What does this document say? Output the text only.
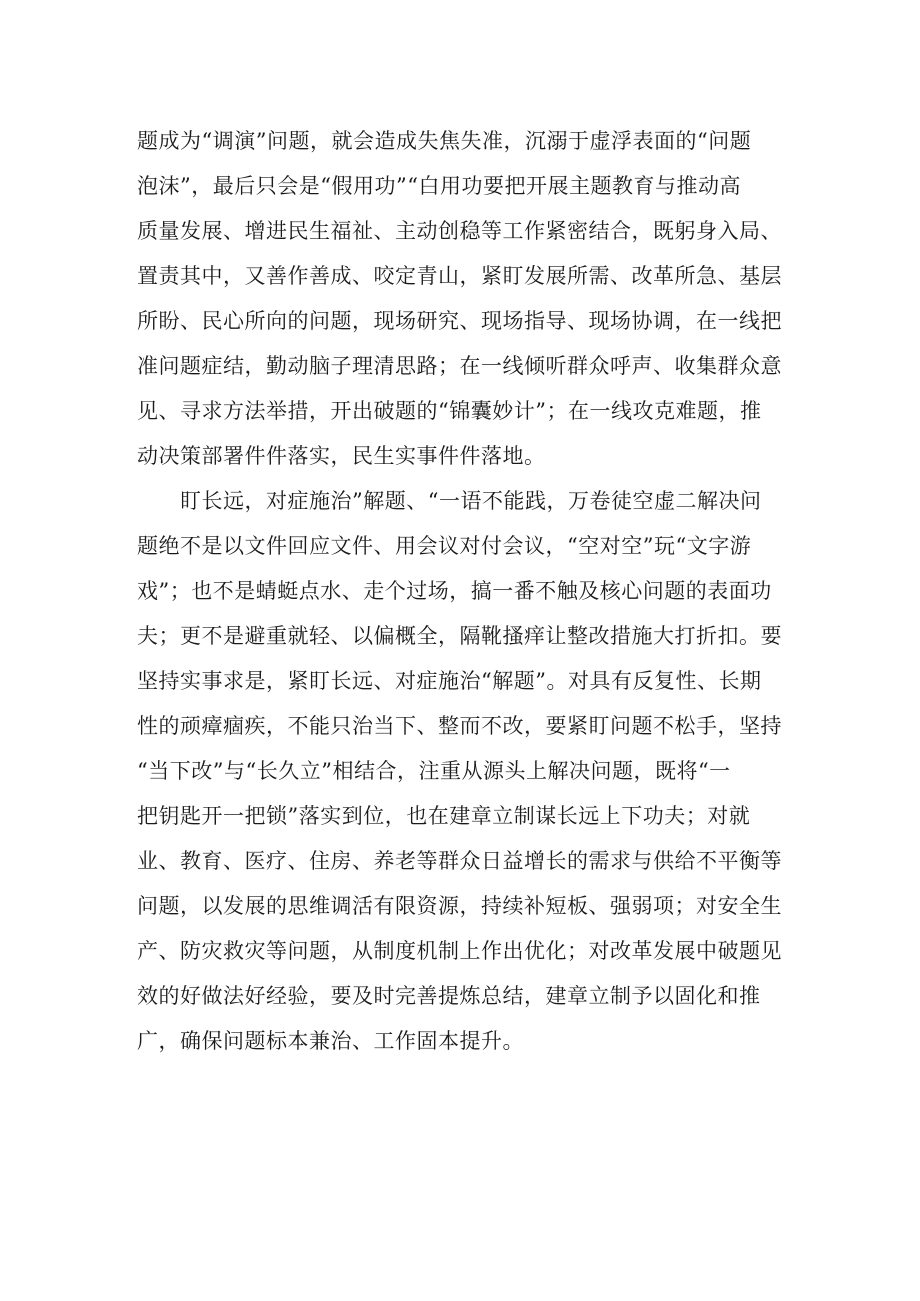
题成为“调演”问题，就会造成失焦失准，沉溺于虚浮表面的“问题
泡沫”，最后只会是“假用功”“白用功要把开展主题教育与推动高
质量发展、增进民生福祉、主动创稳等工作紧密结合，既躬身入局、
置责其中，又善作善成、咬定青山，紧盯发展所需、改革所急、基层
所盼、民心所向的问题，现场研究、现场指导、现场协调，在一线把
准问题症结，勤动脑子理清思路；在一线倾听群众呼声、收集群众意
见、寻求方法举措，开出破题的“锦囊妙计”；在一线攻克难题，推
动决策部署件件落实，民生实事件件落地。
盯长远，对症施治”解题、“一语不能践，万卷徒空虚二解决问
题绝不是以文件回应文件、用会议对付会议，“空对空”玩“文字游
戏”；也不是蜻蜓点水、走个过场，搞一番不触及核心问题的表面功
夫；更不是避重就轻、以偏概全，隔靴搔痒让整改措施大打折扣。要
坚持实事求是，紧盯长远、对症施治“解题”。对具有反复性、长期
性的顽瘴痼疾，不能只治当下、整而不改，要紧盯问题不松手，坚持
“当下改”与“长久立”相结合，注重从源头上解决问题，既将“一
把钥匙开一把锁”落实到位，也在建章立制谋长远上下功夫；对就
业、教育、医疗、住房、养老等群众日益增长的需求与供给不平衡等
问题，以发展的思维调活有限资源，持续补短板、强弱项；对安全生
产、防灾救灾等问题，从制度机制上作出优化；对改革发展中破题见
效的好做法好经验，要及时完善提炼总结，建章立制予以固化和推
广，确保问题标本兼治、工作固本提升。
